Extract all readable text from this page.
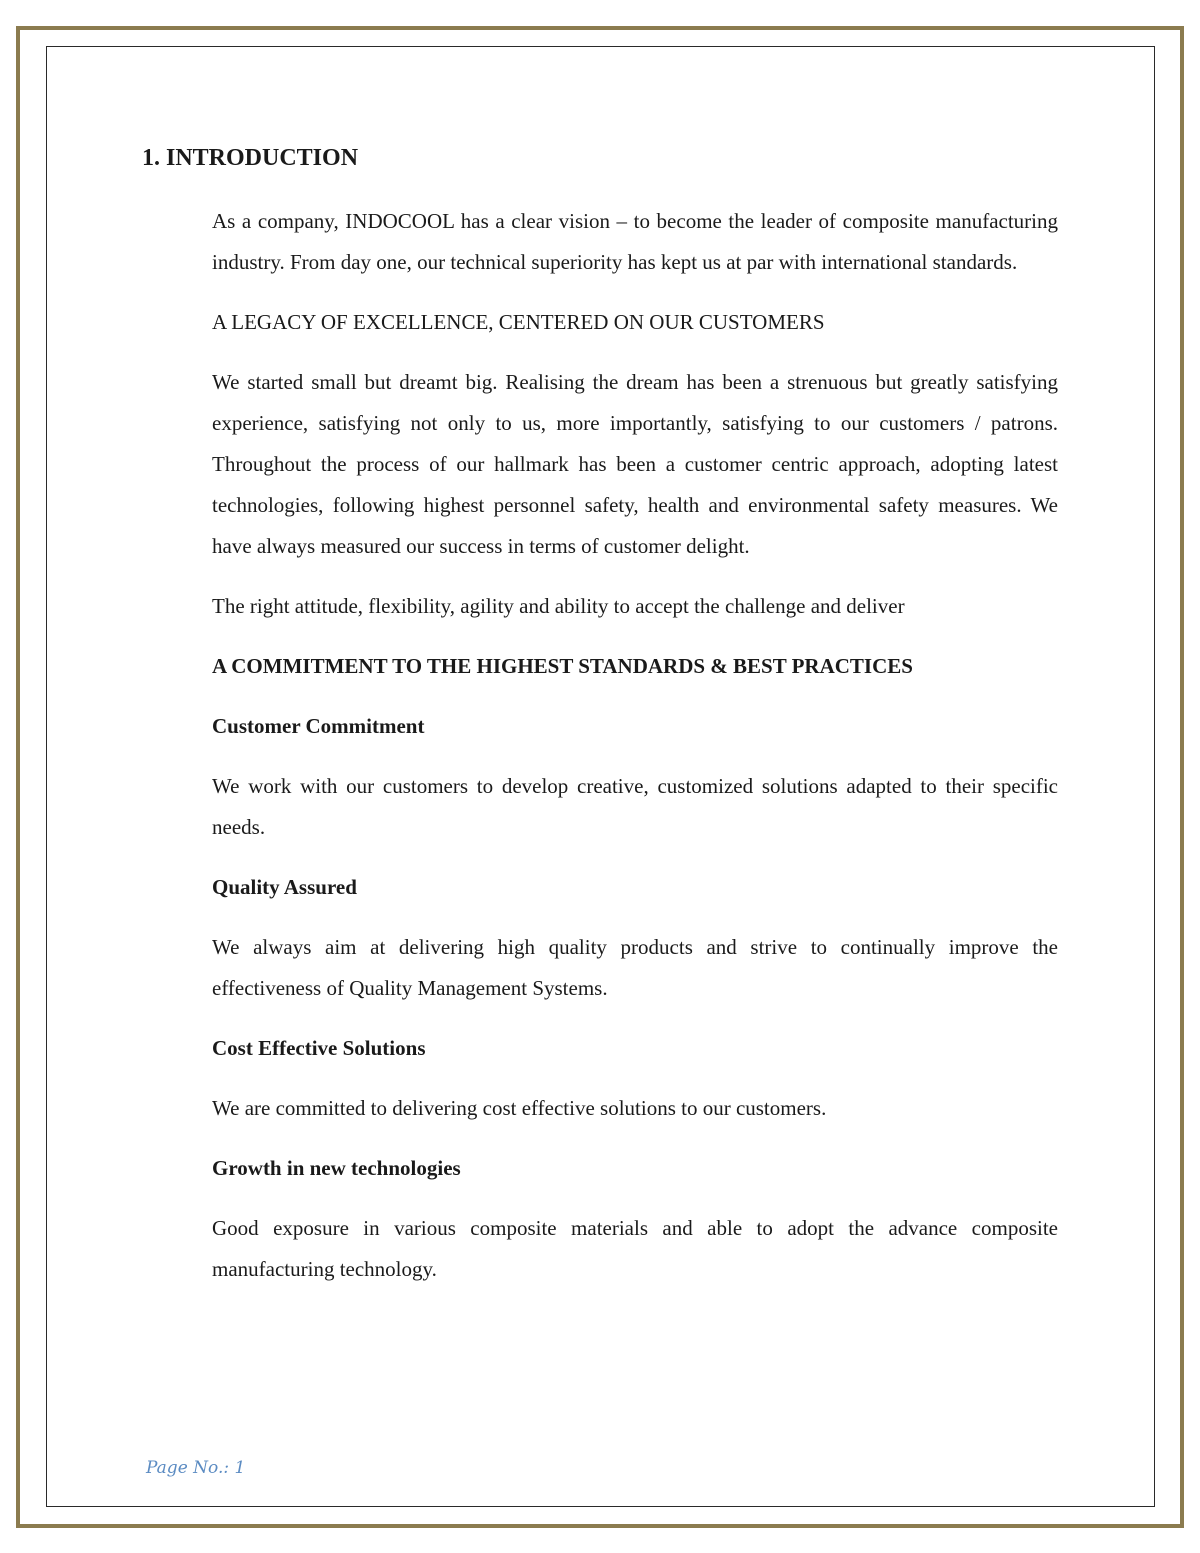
1. INTRODUCTION

As a company, INDOCOOL has a clear vision – to become the leader of composite manufacturing industry. From day one, our technical superiority has kept us at par with international standards.

A LEGACY OF EXCELLENCE, CENTERED ON OUR CUSTOMERS

We started small but dreamt big. Realising the dream has been a strenuous but greatly satisfying experience, satisfying not only to us, more importantly, satisfying to our customers / patrons. Throughout the process of our hallmark has been a customer centric approach, adopting latest technologies, following highest personnel safety, health and environmental safety measures. We have always measured our success in terms of customer delight.

The right attitude, flexibility, agility and ability to accept the challenge and deliver

A COMMITMENT TO THE HIGHEST STANDARDS & BEST PRACTICES

Customer Commitment

We work with our customers to develop creative, customized solutions adapted to their specific needs.

Quality Assured

We always aim at delivering high quality products and strive to continually improve the effectiveness of Quality Management Systems.

Cost Effective Solutions

We are committed to delivering cost effective solutions to our customers.

Growth in new technologies

Good exposure in various composite materials and able to adopt the advance composite manufacturing technology.

Page No.: 1
